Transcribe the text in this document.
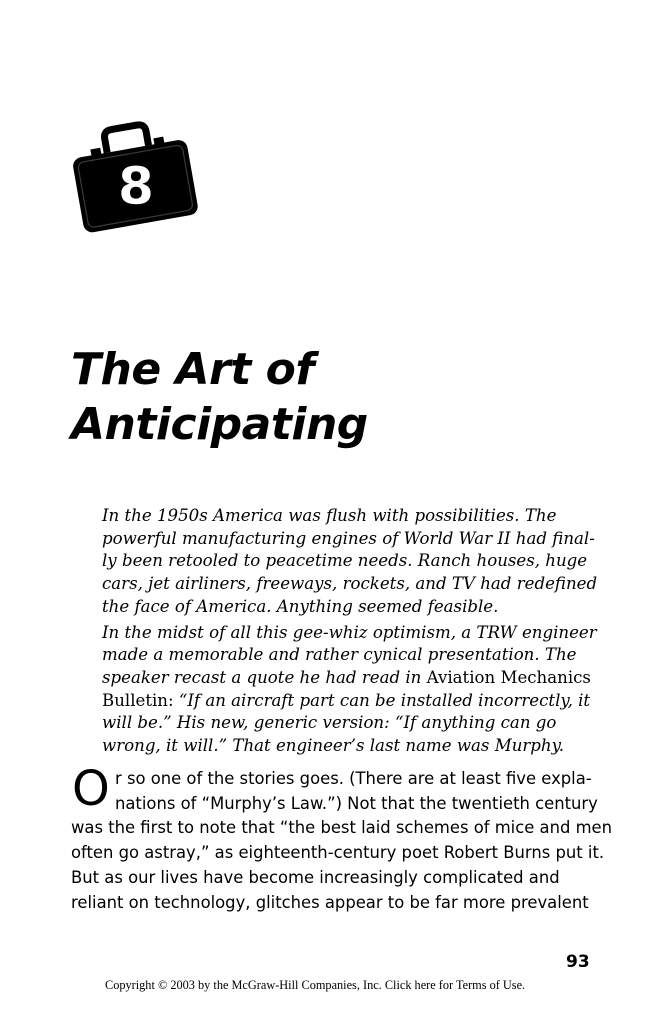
8
The Art of
Anticipating

In the 1950s America was flush with possibilities. The
powerful manufacturing engines of World War II had final-
ly been retooled to peacetime needs. Ranch houses, huge
cars, jet airliners, freeways, rockets, and TV had redefined
the face of America. Anything seemed feasible.

In the midst of all this gee-whiz optimism, a TRW engineer
made a memorable and rather cynical presentation. The
speaker recast a quote he had read in Aviation Mechanics
Bulletin: “If an aircraft part can be installed incorrectly, it
will be.” His new, generic version: “If anything can go
wrong, it will.” That engineer’s last name was Murphy.

O r so one of the stories goes. (There are at least five expla-
nations of “Murphy’s Law.”) Not that the twentieth century
was the first to note that “the best laid schemes of mice and men
often go astray,” as eighteenth-century poet Robert Burns put it.
But as our lives have become increasingly complicated and
reliant on technology, glitches appear to be far more prevalent
93
Copyright © 2003 by the McGraw-Hill Companies, Inc. Click here for Terms of Use.
